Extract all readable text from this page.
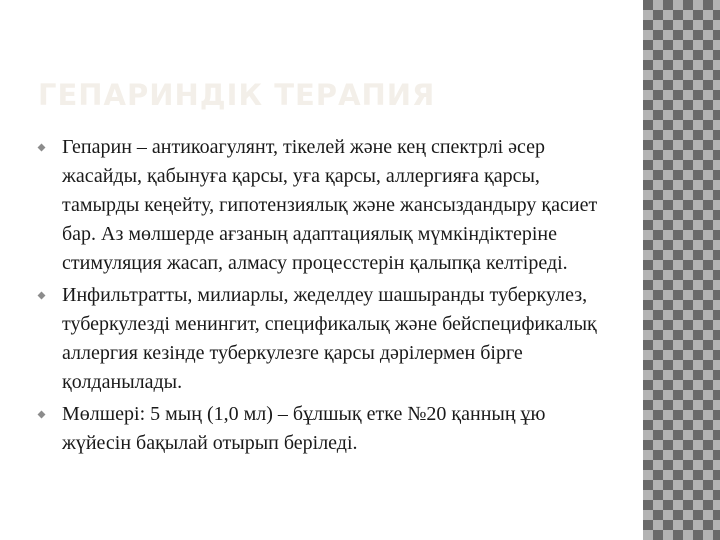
ГЕПАРИНДІК ТЕРАПИЯ
Гепарин – антикоагулянт, тікелей және кең спектрлі әсер жасайды, қабынуға қарсы, уға қарсы, аллергияға қарсы, тамырды кеңейту, гипотензиялық және жансыздандыру қасиет бар. Аз мөлшерде ағзаның адаптациялық мүмкіндіктеріне стимуляция жасап, алмасу процесстерін қалыпқа келтіреді.
Инфильтратты, милиарлы, жеделдеу шашыранды туберкулез, туберкулезді менингит, спецификалық және бейспецификалық аллергия кезінде туберкулезге қарсы дәрілермен бірге қолданылады.
Мөлшері: 5 мың (1,0 мл) – бұлшық етке №20 қанның ұю жүйесін бақылай отырып беріледі.
